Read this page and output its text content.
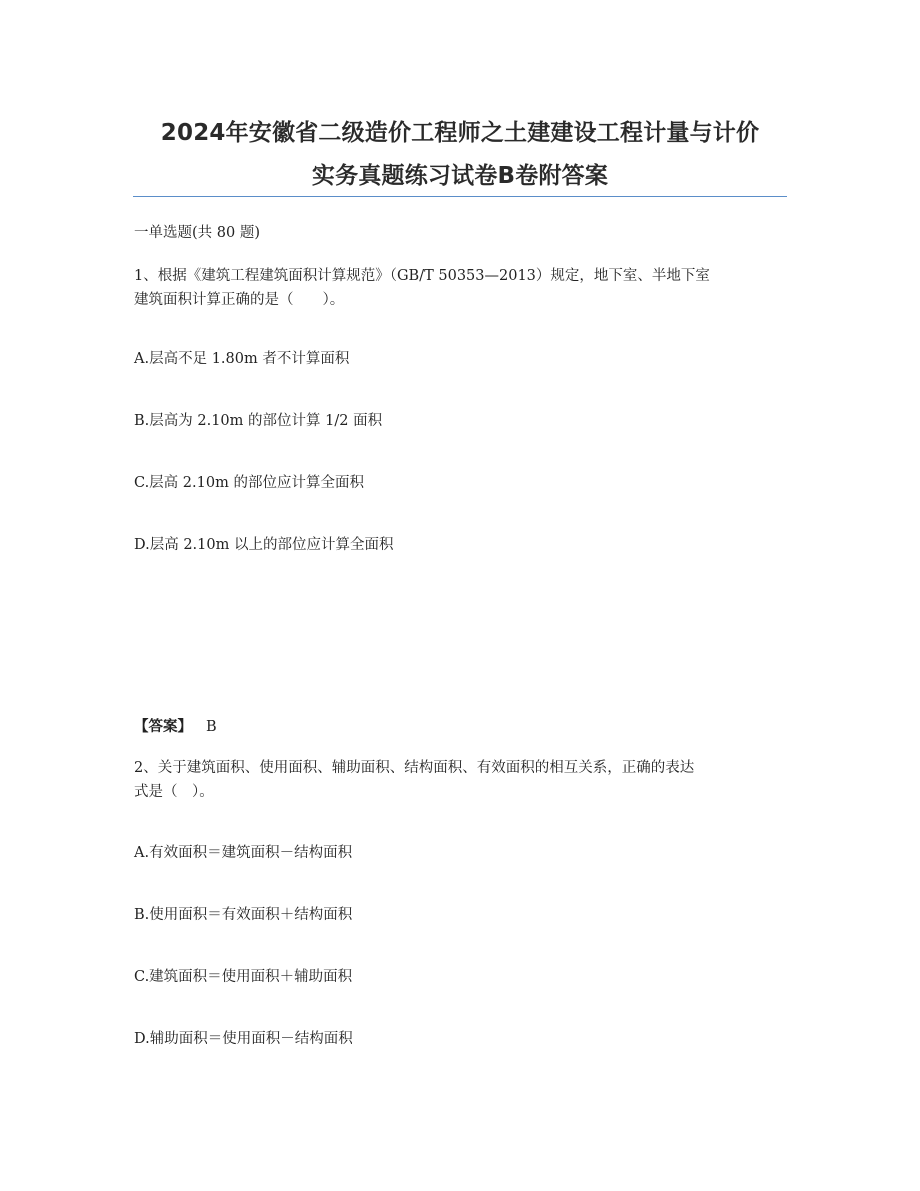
2024年安徽省二级造价工程师之土建建设工程计量与计价
实务真题练习试卷B卷附答案
一单选题(共 80 题)
1、根据《建筑工程建筑面积计算规范》（GB/T 50353—2013）规定，地下室、半地下室
建筑面积计算正确的是（　　）。
A.层高不足 1.80m 者不计算面积
B.层高为 2.10m 的部位计算 1/2 面积
C.层高 2.10m 的部位应计算全面积
D.层高 2.10m 以上的部位应计算全面积
【答案】 B
2、关于建筑面积、使用面积、辅助面积、结构面积、有效面积的相互关系，正确的表达
式是（　）。
A.有效面积＝建筑面积－结构面积
B.使用面积＝有效面积＋结构面积
C.建筑面积＝使用面积＋辅助面积
D.辅助面积＝使用面积－结构面积
